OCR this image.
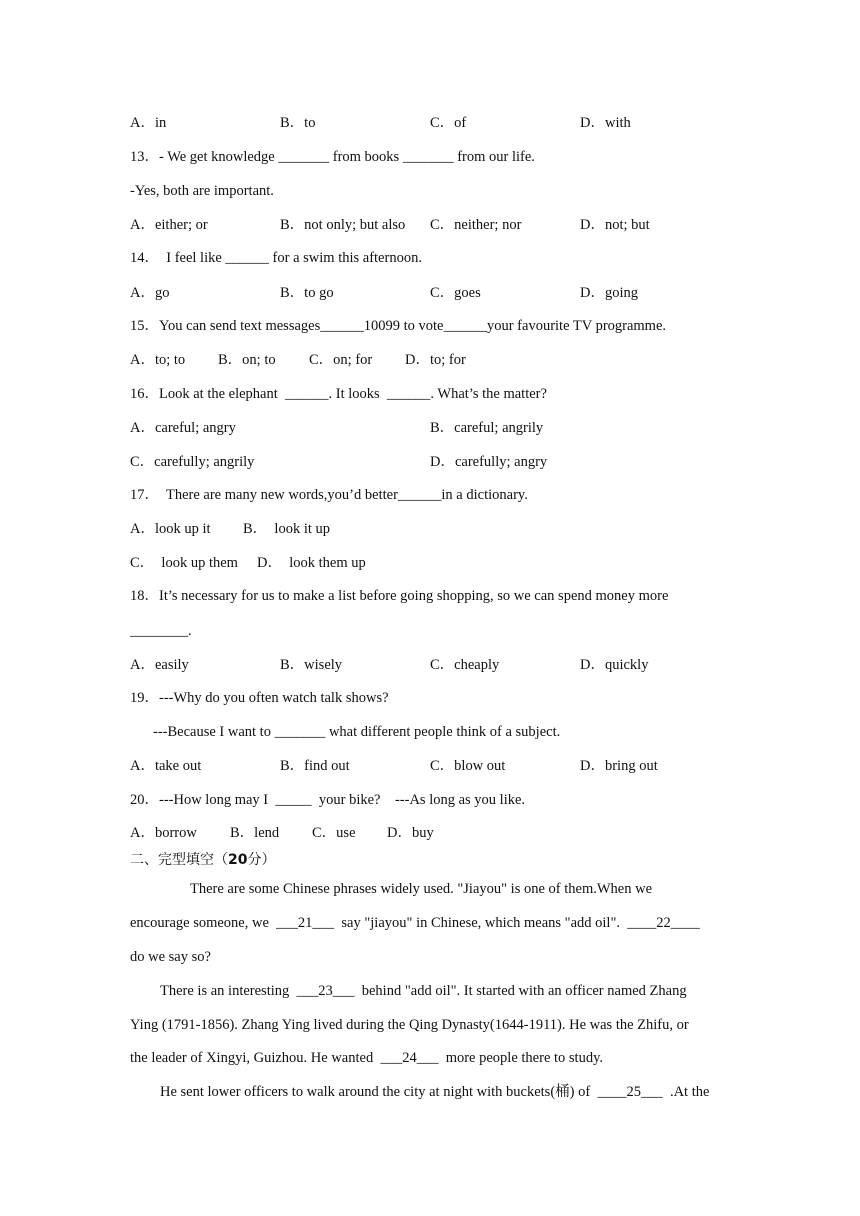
A．in	B．to	C．of	D．with
13．- We get knowledge _______ from books _______ from our life.
-Yes, both are important.
A．either; or	B．not only; but also C．neither; nor	D．not; but
14．  I feel like ______ for a swim this afternoon.
A．go	B．to go	C．goes	D．going
15．You can send text messages______10099 to vote______your favourite TV programme.
A．to; to B．on; to C．on; for D．to; for
16．Look at the elephant  ______. It looks  ______. What’s the matter?
A．careful; angry	B．careful; angrily
C．carefully; angrily	D．carefully; angry
17．  There are many new words,you’d better______in a dictionary.
A．look up it B．  look it up
C．  look up them D．  look them up
18．It’s necessary for us to make a list before going shopping, so we can spend money more
________.
A．easily	B．wisely	C．cheaply	D．quickly
19．---Why do you often watch talk shows?
---Because I want to _______ what different people think of a subject.
A．take out	B．find out	C．blow out	D．bring out
20．---How long may I  _____  your bike?    ---As long as you like.
A．borrow B．lend C．use D．buy
二、完型填空（20分）
There are some Chinese phrases widely used. "Jiayou" is one of them.When we
encourage someone, we  ___21___  say "jiayou" in Chinese, which means "add oil".  ____22____
do we say so?
There is an interesting  ___23___  behind "add oil". It started with an officer named Zhang
Ying (1791-1856). Zhang Ying lived during the Qing Dynasty(1644-1911). He was the Zhifu, or
the leader of Xingyi, Guizhou. He wanted  ___24___  more people there to study.
He sent lower officers to walk around the city at night with buckets(桶) of  ____25___  .At the
